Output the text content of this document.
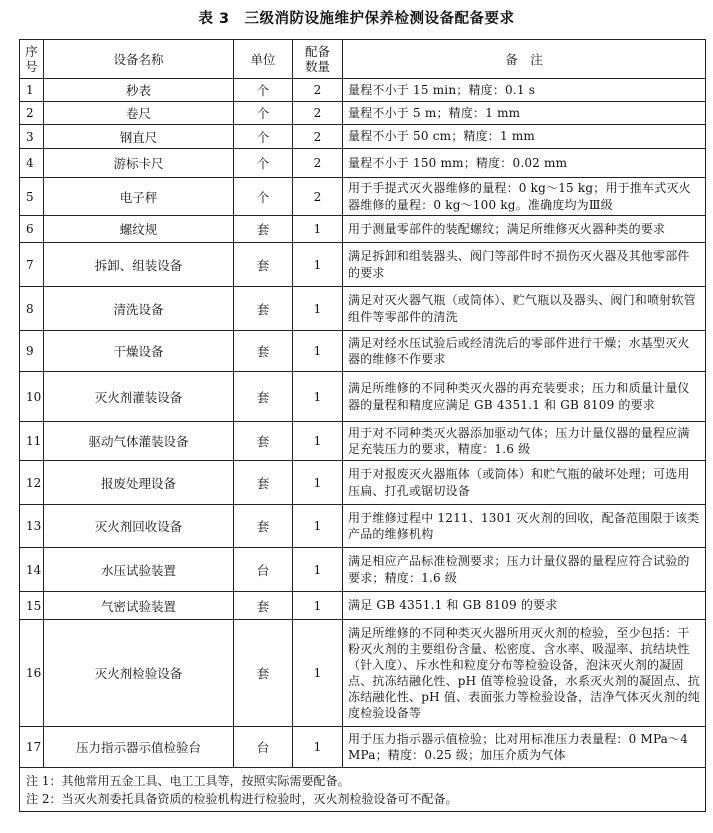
表 3　三级消防设施维护保养检测设备配备要求
序号	设备名称	单位	配备数量	备　注
1	秒表	个	2	量程不小于 15 min；精度：0.1 s
2	卷尺	个	2	量程不小于 5 m；精度：1 mm
3	钢直尺	个	2	量程不小于 50 cm；精度：1 mm
4	游标卡尺	个	2	量程不小于 150 mm；精度：0.02 mm
5	电子秤	个	2	用于手提式灭火器维修的量程：0 kg～15 kg；用于推车式灭火器维修的量程：0 kg～100 kg。准确度均为Ⅲ级
6	螺纹规	套	1	用于测量零部件的装配螺纹；满足所维修灭火器种类的要求
7	拆卸、组装设备	套	1	满足拆卸和组装器头、阀门等部件时不损伤灭火器及其他零部件的要求
8	清洗设备	套	1	满足对灭火器气瓶（或筒体）、贮气瓶以及器头、阀门和喷射软管组件等零部件的清洗
9	干燥设备	套	1	满足对经水压试验后或经清洗后的零部件进行干燥；水基型灭火器的维修不作要求
10	灭火剂灌装设备	套	1	满足所维修的不同种类灭火器的再充装要求；压力和质量计量仪器的量程和精度应满足 GB 4351.1 和 GB 8109 的要求
11	驱动气体灌装设备	套	1	用于对不同种类灭火器添加驱动气体；压力计量仪器的量程应满足充装压力的要求，精度：1.6 级
12	报废处理设备	套	1	用于对报废灭火器瓶体（或筒体）和贮气瓶的破坏处理；可选用压扁、打孔或锯切设备
13	灭火剂回收设备	套	1	用于维修过程中 1211、1301 灭火剂的回收，配备范围限于该类产品的维修机构
14	水压试验装置	台	1	满足相应产品标准检测要求；压力计量仪器的量程应符合试验的要求；精度：1.6 级
15	气密试验装置	套	1	满足 GB 4351.1 和 GB 8109 的要求
16	灭火剂检验设备	套	1	满足所维修的不同种类灭火器所用灭火剂的检验，至少包括：干粉灭火剂的主要组份含量、松密度、含水率、吸湿率、抗结块性（针入度）、斥水性和粒度分布等检验设备，泡沫灭火剂的凝固点、抗冻结融化性、pH 值等检验设备，水系灭火剂的凝固点、抗冻结融化性、pH 值、表面张力等检验设备，洁净气体灭火剂的纯度检验设备等
17	压力指示器示值检验台	台	1	用于压力指示器示值检验；比对用标准压力表量程：0 MPa～4 MPa；精度：0.25 级；加压介质为气体

注 1：其他常用五金工具、电工工具等，按照实际需要配备。
注 2：当灭火剂委托具备资质的检验机构进行检验时，灭火剂检验设备可不配备。				
